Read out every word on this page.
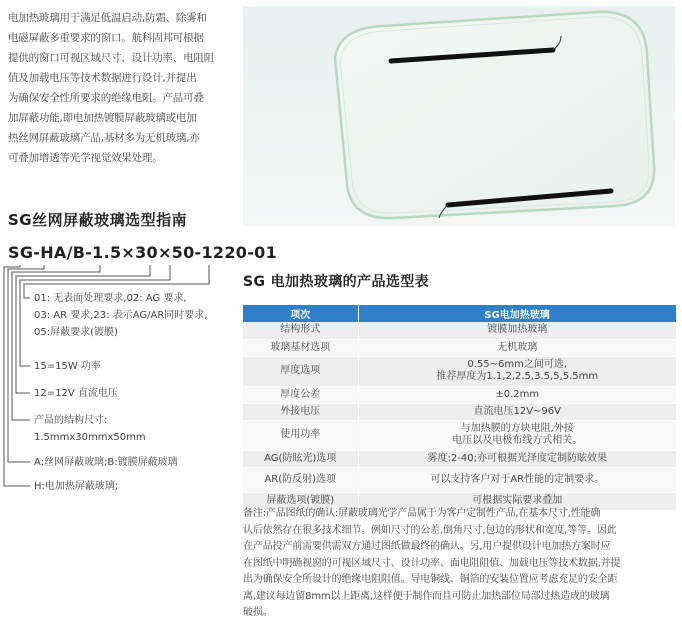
电加热玻璃用于满足低温启动,防霜、除雾和
电磁屏蔽多重要求的窗口。航科固邦可根据
提供的窗口可视区域尺寸、设计功率、电阻阻
值及加载电压等技术数据进行设计,并提出
为确保安全性所要求的绝缘电阻。产品可叠
加屏蔽功能,即电加热镀膜屏蔽玻璃或电加
热丝网屏蔽玻璃产品,基材多为无机玻璃,亦
可叠加增透等光学视觉效果处理。
SG丝网屏蔽玻璃选型指南
SG-HA/B-1.5×30×50-1220-01
01: 无表面处理要求,02: AG 要求,
03: AR 要求,23: 表示AG/AR同时要求,
05:屏蔽要求(镀膜)
15=15W 功率
12=12V 直流电压
产品的结构尺寸:
1.5mmx30mmx50mm
A:丝网屏蔽玻璃;B:镀膜屏蔽玻璃
H:电加热屏蔽玻璃;
SG 电加热玻璃的产品选型表
项次	SG电加热玻璃
结构形式	镀膜加热玻璃
玻璃基材选项	无机玻璃
厚度选项	0.55~6mm之间可选,
推荐厚度为1.1,2,2.5,3.5,5,5.5mm

厚度公差	±0.2mm
外接电压	直流电压12V~96V
使用功率	与加热膜的方块电阻,外接
电压以及电极布线方式相关。

AG(防眩光)选项	雾度:2-40;亦可根据光泽度定制防眩效果
AR(防反射)选项	可以支持客户对于AR性能的定制要求。
屏蔽选项(镀膜)	可根据实际要求叠加
备注:产品图纸的确认:屏蔽玻璃光学产品属于为客户定制性产品,在基本尺寸,性能确
认后依然存在很多技术细节。例如尺寸的公差,倒角尺寸,包边的形状和宽度,等等。因此
在产品投产前需要供需双方通过图纸做最终的确认。另,用户提供设计电加热方案时应
在图纸中明确视窗的可视区域尺寸、设计功率、面电阻阻值、加载电压等技术数据,并提
出为确保安全所设计的绝缘电阻阻值。导电铜线、铜箔的安装位置应考虑充足的安全距
离,建议每边留8mm以上距离,这样便于制作而且可防止加热部位局部过热造成的玻璃
破损。
